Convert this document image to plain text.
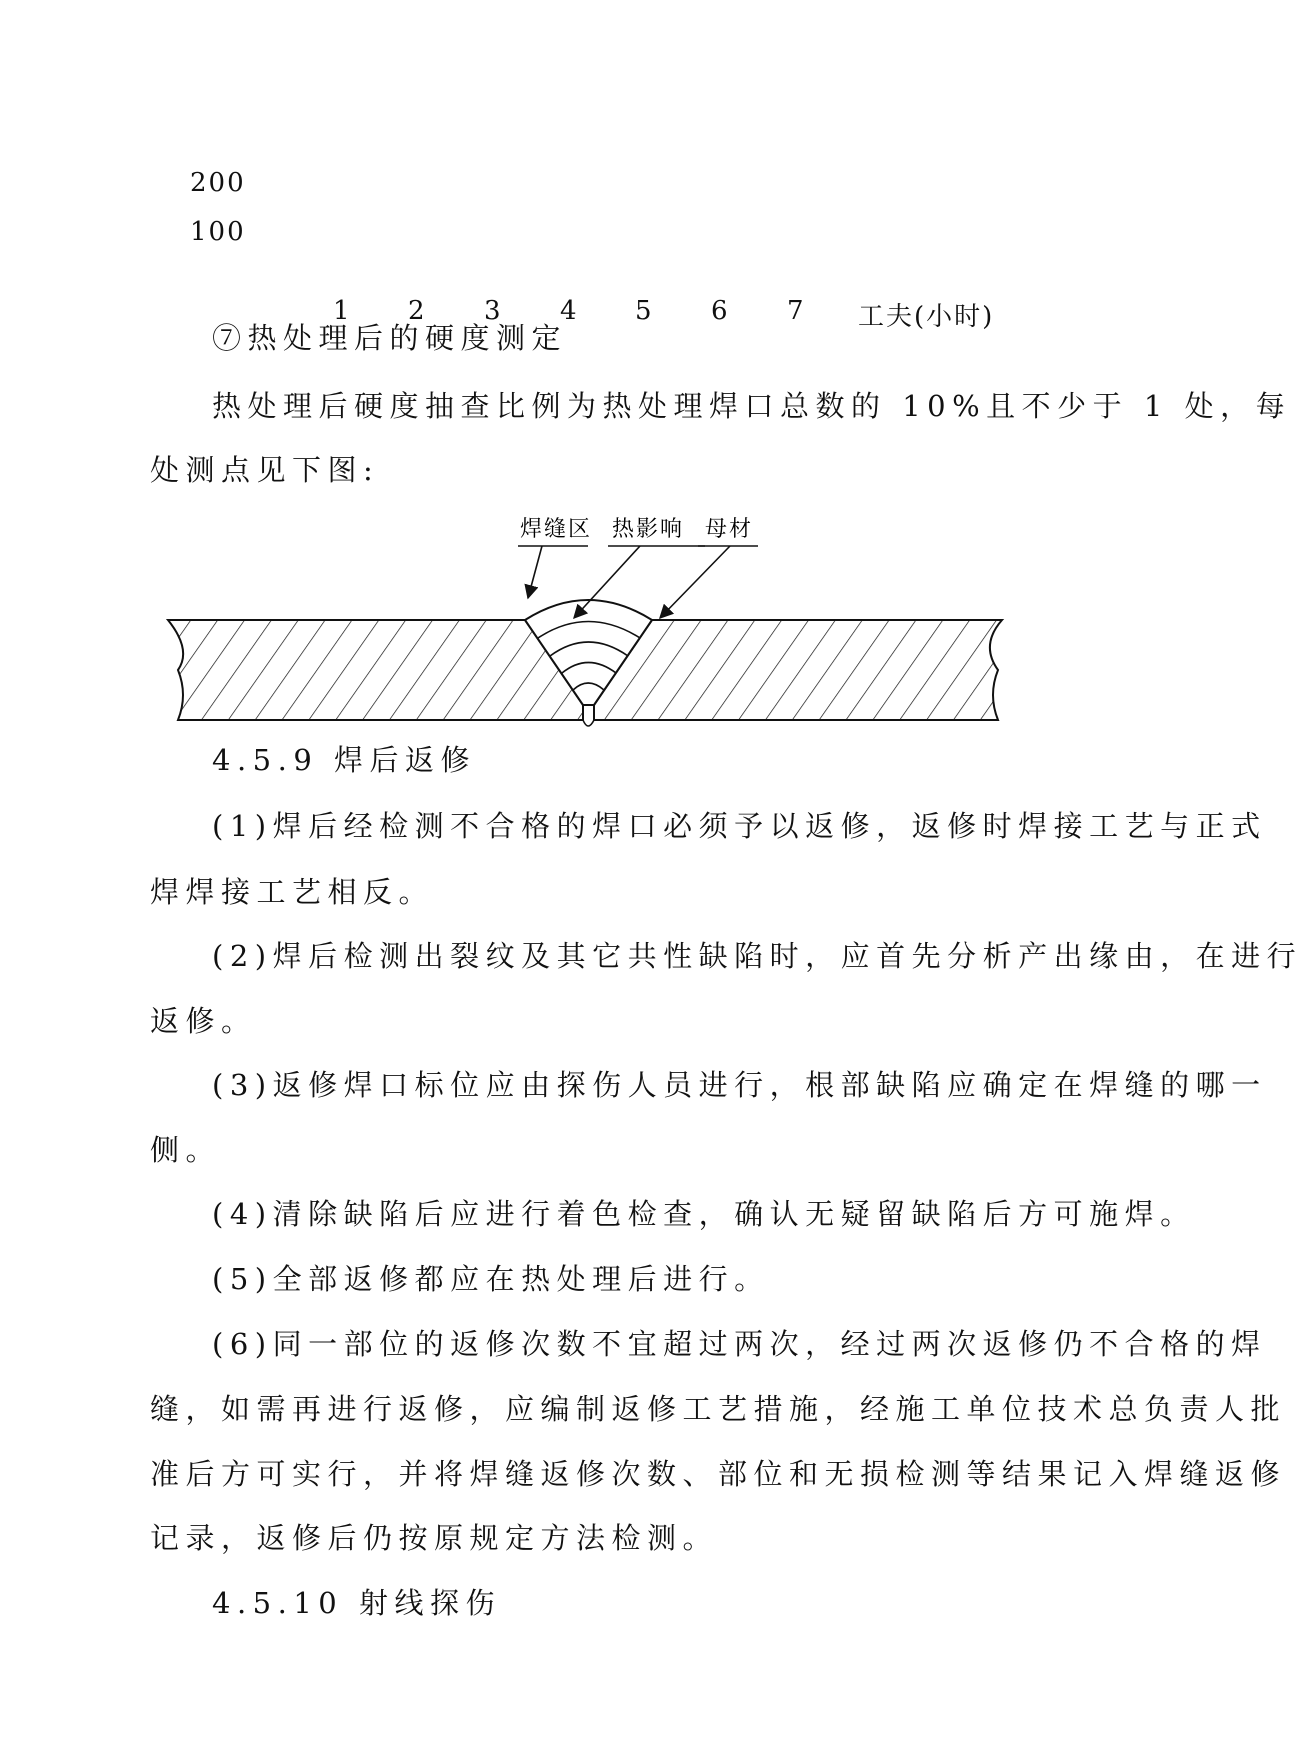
200
100
1 2 3 4 5 6 7 工夫(小时)
⑦热处理后的硬度测定
热处理后硬度抽查比例为热处理焊口总数的 10%且不少于 1 处，每
处测点见下图:
焊缝区 热影响 母材
4.5.9 焊后返修
(1)焊后经检测不合格的焊口必须予以返修，返修时焊接工艺与正式
焊焊接工艺相反。
(2)焊后检测出裂纹及其它共性缺陷时，应首先分析产出缘由，在进行
返修。
(3)返修焊口标位应由探伤人员进行，根部缺陷应确定在焊缝的哪一
侧。
(4)清除缺陷后应进行着色检查，确认无疑留缺陷后方可施焊。
(5)全部返修都应在热处理后进行。
(6)同一部位的返修次数不宜超过两次，经过两次返修仍不合格的焊
缝，如需再进行返修，应编制返修工艺措施，经施工单位技术总负责人批
准后方可实行，并将焊缝返修次数、部位和无损检测等结果记入焊缝返修
记录，返修后仍按原规定方法检测。
4.5.10 射线探伤
